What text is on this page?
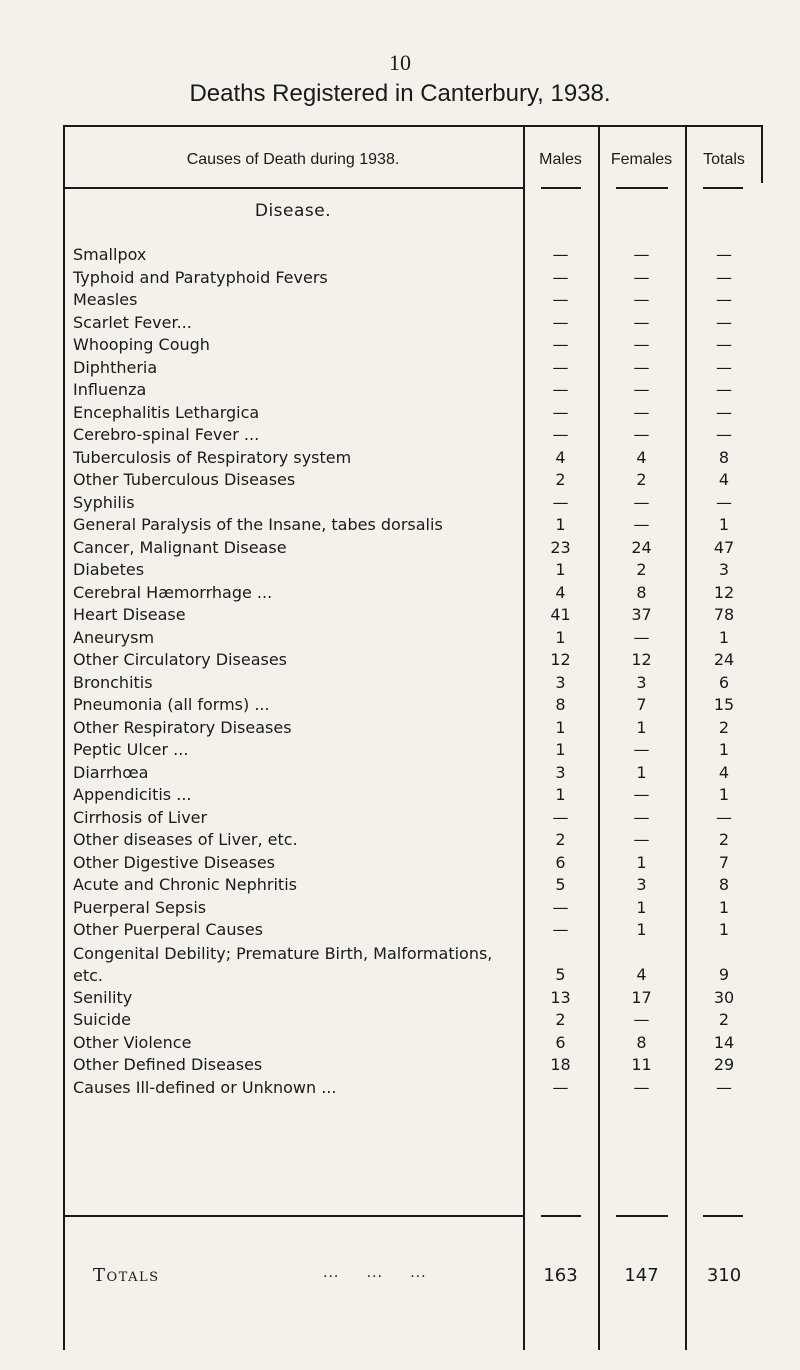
10
Deaths Registered in Canterbury, 1938.
Causes of Death during 1938.	Males	Females	Totals
Disease.
Smallpox	—	—	—
Typhoid and Paratyphoid Fevers	—	—	—
Measles	—	—	—
Scarlet Fever...	—	—	—
Whooping Cough	—	—	—
Diphtheria	—	—	—
Influenza	—	—	—
Encephalitis Lethargica	—	—	—
Cerebro-spinal Fever ...	—	—	—
Tuberculosis of Respiratory system	4	4	8
Other Tuberculous Diseases	2	2	4
Syphilis	—	—	—
General Paralysis of the Insane, tabes dorsalis	1	—	1
Cancer, Malignant Disease	23	24	47
Diabetes	1	2	3
Cerebral Hæmorrhage ...	4	8	12
Heart Disease	41	37	78
Aneurysm	1	—	1
Other Circulatory Diseases	12	12	24
Bronchitis	3	3	6
Pneumonia (all forms) ...	8	7	15
Other Respiratory Diseases	1	1	2
Peptic Ulcer ...	1	—	1
Diarrhœa	3	1	4
Appendicitis ...	1	—	1
Cirrhosis of Liver	—	—	—
Other diseases of Liver, etc.	2	—	2
Other Digestive Diseases	6	1	7
Acute and Chronic Nephritis	5	3	8
Puerperal Sepsis	—	1	1
Other Puerperal Causes	—	1	1
Congenital Debility; Premature Birth, Malformations, etc.	5	4	9
Senility	13	17	30
Suicide	2	—	2
Other Violence	6	8	14
Other Defined Diseases	18	11	29
Causes Ill-defined or Unknown ...	—	—	—
Totals	...     ...     ...	163	147	310
